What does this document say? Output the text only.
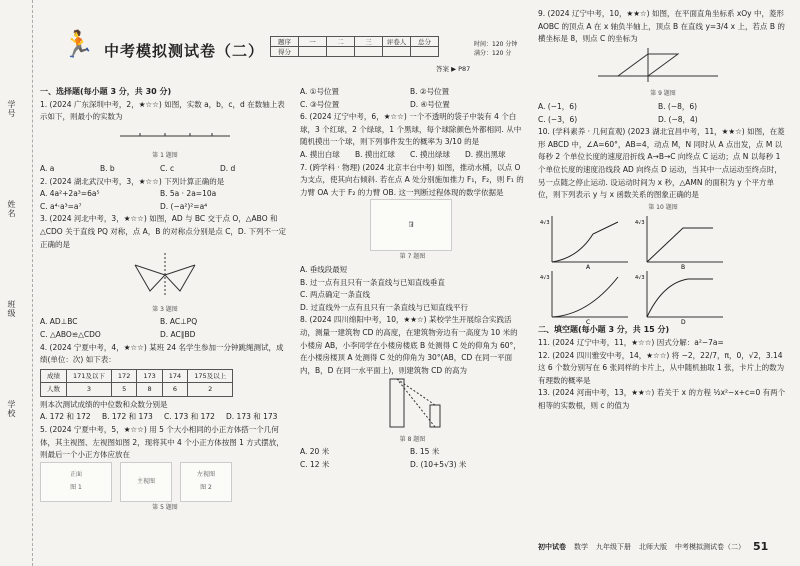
学号
姓名
班级
学校
🏃 中考模拟测试卷（二） 题序	一	二	三	评卷人	总分
得分					
时间：120 分钟
满分：120 分
答案 ▶ P87

一、选择题(每小题 3 分，共 30 分)

1. (2024 广东深圳中考，2，★☆☆) 如图，实数 a，b，c，d 在数轴上表示如下，则最小的实数为

第 1 题图

A. a	B. b	C. c	D. d

2. (2024 湖北武汉中考，3，★☆☆) 下列计算正确的是

A. 4a²+2a³=6a⁵	B. 5a · 2a=10a
C. a⁴·a³=a⁷	D. (−a²)²=a⁴

3. (2024 河北中考，3，★☆☆) 如图，AD 与 BC 交于点 O，△ABO 和 △CDO 关于直线 PQ 对称，点 A，B 的对称点分别是点 C，D. 下列不一定正确的是

第 3 题图

A. AD⊥BC	B. AC⊥PQ
C. △ABO≌△CDO	D. AC∥BD

4. (2024 宁夏中考，4，★☆☆) 某班 24 名学生参加一分钟跳绳测试，成绩(单位：次) 如下表：

成绩	171及以下	172	173	174	175及以上
人数	3	5	8	6	2

则本次测试成绩的中位数和众数分别是

A. 172 和 172	B. 172 和 173	C. 173 和 172	D. 173 和 173

5. (2024 宁夏中考，5，★☆☆) 用 5 个大小相同的小正方体搭一个几何体，其主视图、左视图如图 2，现将其中 4 个小正方体按图 1 方式摆放，则最后一个小正方体应放在

正面
图 1
主视图
左视图
图 2

第 5 题图

A. ①号位置	B. ②号位置
C. ③号位置	D. ④号位置

6. (2024 辽宁中考，6，★☆☆) 一个不透明的袋子中装有 4 个白球，3 个红球，2 个绿球，1 个黑球，每个球除颜色外都相同. 从中随机摸出一个球，则下列事件发生的概率为 3/10 的是

A. 摸出白球	B. 摸出红球	C. 摸出绿球	D. 摸出黑球

7. (跨学科 · 物理) (2024 北京丰台中考) 如图，推动水桶，以点 O 为支点，使其向右倾斜. 若在点 A 处分别施加推力 F₁，F₂，则 F₁ 的力臂 OA 大于 F₂ 的力臂 OB. 这一判断过程体现的数学依据是

🛢

第 7 题图

A. 垂线段最短

B. 过一点有且只有一条直线与已知直线垂直

C. 两点确定一条直线

D. 过直线外一点有且只有一条直线与已知直线平行

8. (2024 四川绵阳中考，10，★★☆) 某校学生开展综合实践活动，测量一建筑物 CD 的高度，在建筑物旁边有一高度为 10 米的小楼房 AB，小李同学在小楼房楼底 B 处测得 C 处的仰角为 60°，在小楼房楼顶 A 处测得 C 处的仰角为 30°(AB，CD 在同一平面内，B，D 在同一水平面上)，则建筑物 CD 的高为

第 8 题图

A. 20 米	B. 15 米
C. 12 米	D. (10+5√3) 米

9. (2024 辽宁中考，10，★★☆) 如图，在平面直角坐标系 xOy 中，菱形 AOBC 的顶点 A 在 x 轴负半轴上，顶点 B 在直线 y=3/4 x 上，若点 B 的横坐标是 8，则点 C 的坐标为

第 9 题图

A. (−1，6)	B. (−8，6)
C. (−3，6)	D. (−8，4)

10. (学科素养 · 几何直观) (2023 湖北宜昌中考，11，★★☆) 如图，在菱形 ABCD 中，∠A=60°，AB=4，动点 M，N 同时从 A 点出发，点 M 以每秒 2 个单位长度的速度沿折线 A→B→C 向终点 C 运动；点 N 以每秒 1 个单位长度的速度沿线段 AD 向终点 D 运动，当其中一点运动至终点时，另一点随之停止运动. 设运动时间为 x 秒，△AMN 的面积为 y 个平方单位，则下列表示 y 与 x 函数关系的图象正确的是

第 10 题图

4√3
A
4√3
B
4√3
C
4√3
D

二、填空题(每小题 3 分，共 15 分)

11. (2024 辽宁中考，11，★☆☆) 因式分解：a²−7a=

12. (2024 四川雅安中考，14，★☆☆) 将 −2，22/7，π，0，√2，3.14 这 6 个数分别写在 6 张同样的卡片上，从中随机抽取 1 张，卡片上的数为有理数的概率是

13. (2024 河南中考，13，★★☆) 若关于 x 的方程 ½x²−x+c=0 有两个相等的实数根，则 c 的值为

初中试卷 数学 九年级下册 北师大版 中考模拟测试卷（二） 51
